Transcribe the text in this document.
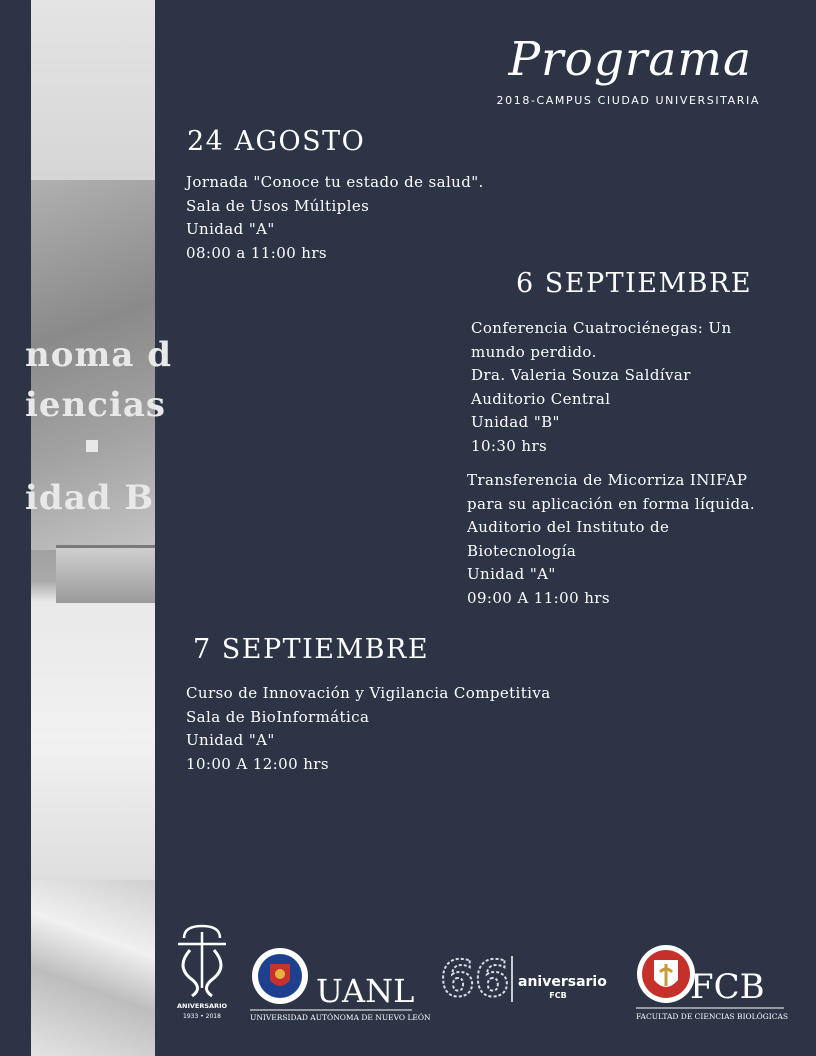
noma d
iencias
idad B
Programa
2018-CAMPUS CIUDAD UNIVERSITARIA
24 AGOSTO
Jornada "Conoce tu estado de salud".
Sala de Usos Múltiples
Unidad "A"
08:00 a 11:00 hrs
6 SEPTIEMBRE
Conferencia Cuatrociénegas: Un
mundo perdido.
Dra. Valeria Souza Saldívar
Auditorio Central
Unidad "B"
10:30 hrs
Transferencia de Micorriza INIFAP
para su aplicación en forma líquida.
Auditorio del Instituto de
Biotecnología
Unidad "A"
09:00 A 11:00 hrs
7 SEPTIEMBRE
Curso de Innovación y Vigilancia Competitiva
Sala de BioInformática
Unidad "A"
10:00 A 12:00 hrs
ANIVERSARIO
1933 • 2018
UANL
UNIVERSIDAD AUTÓNOMA DE NUEVO LEÓN
66 aniversario
FCB	FCB
FACULTAD DE CIENCIAS BIOLÓGICAS
